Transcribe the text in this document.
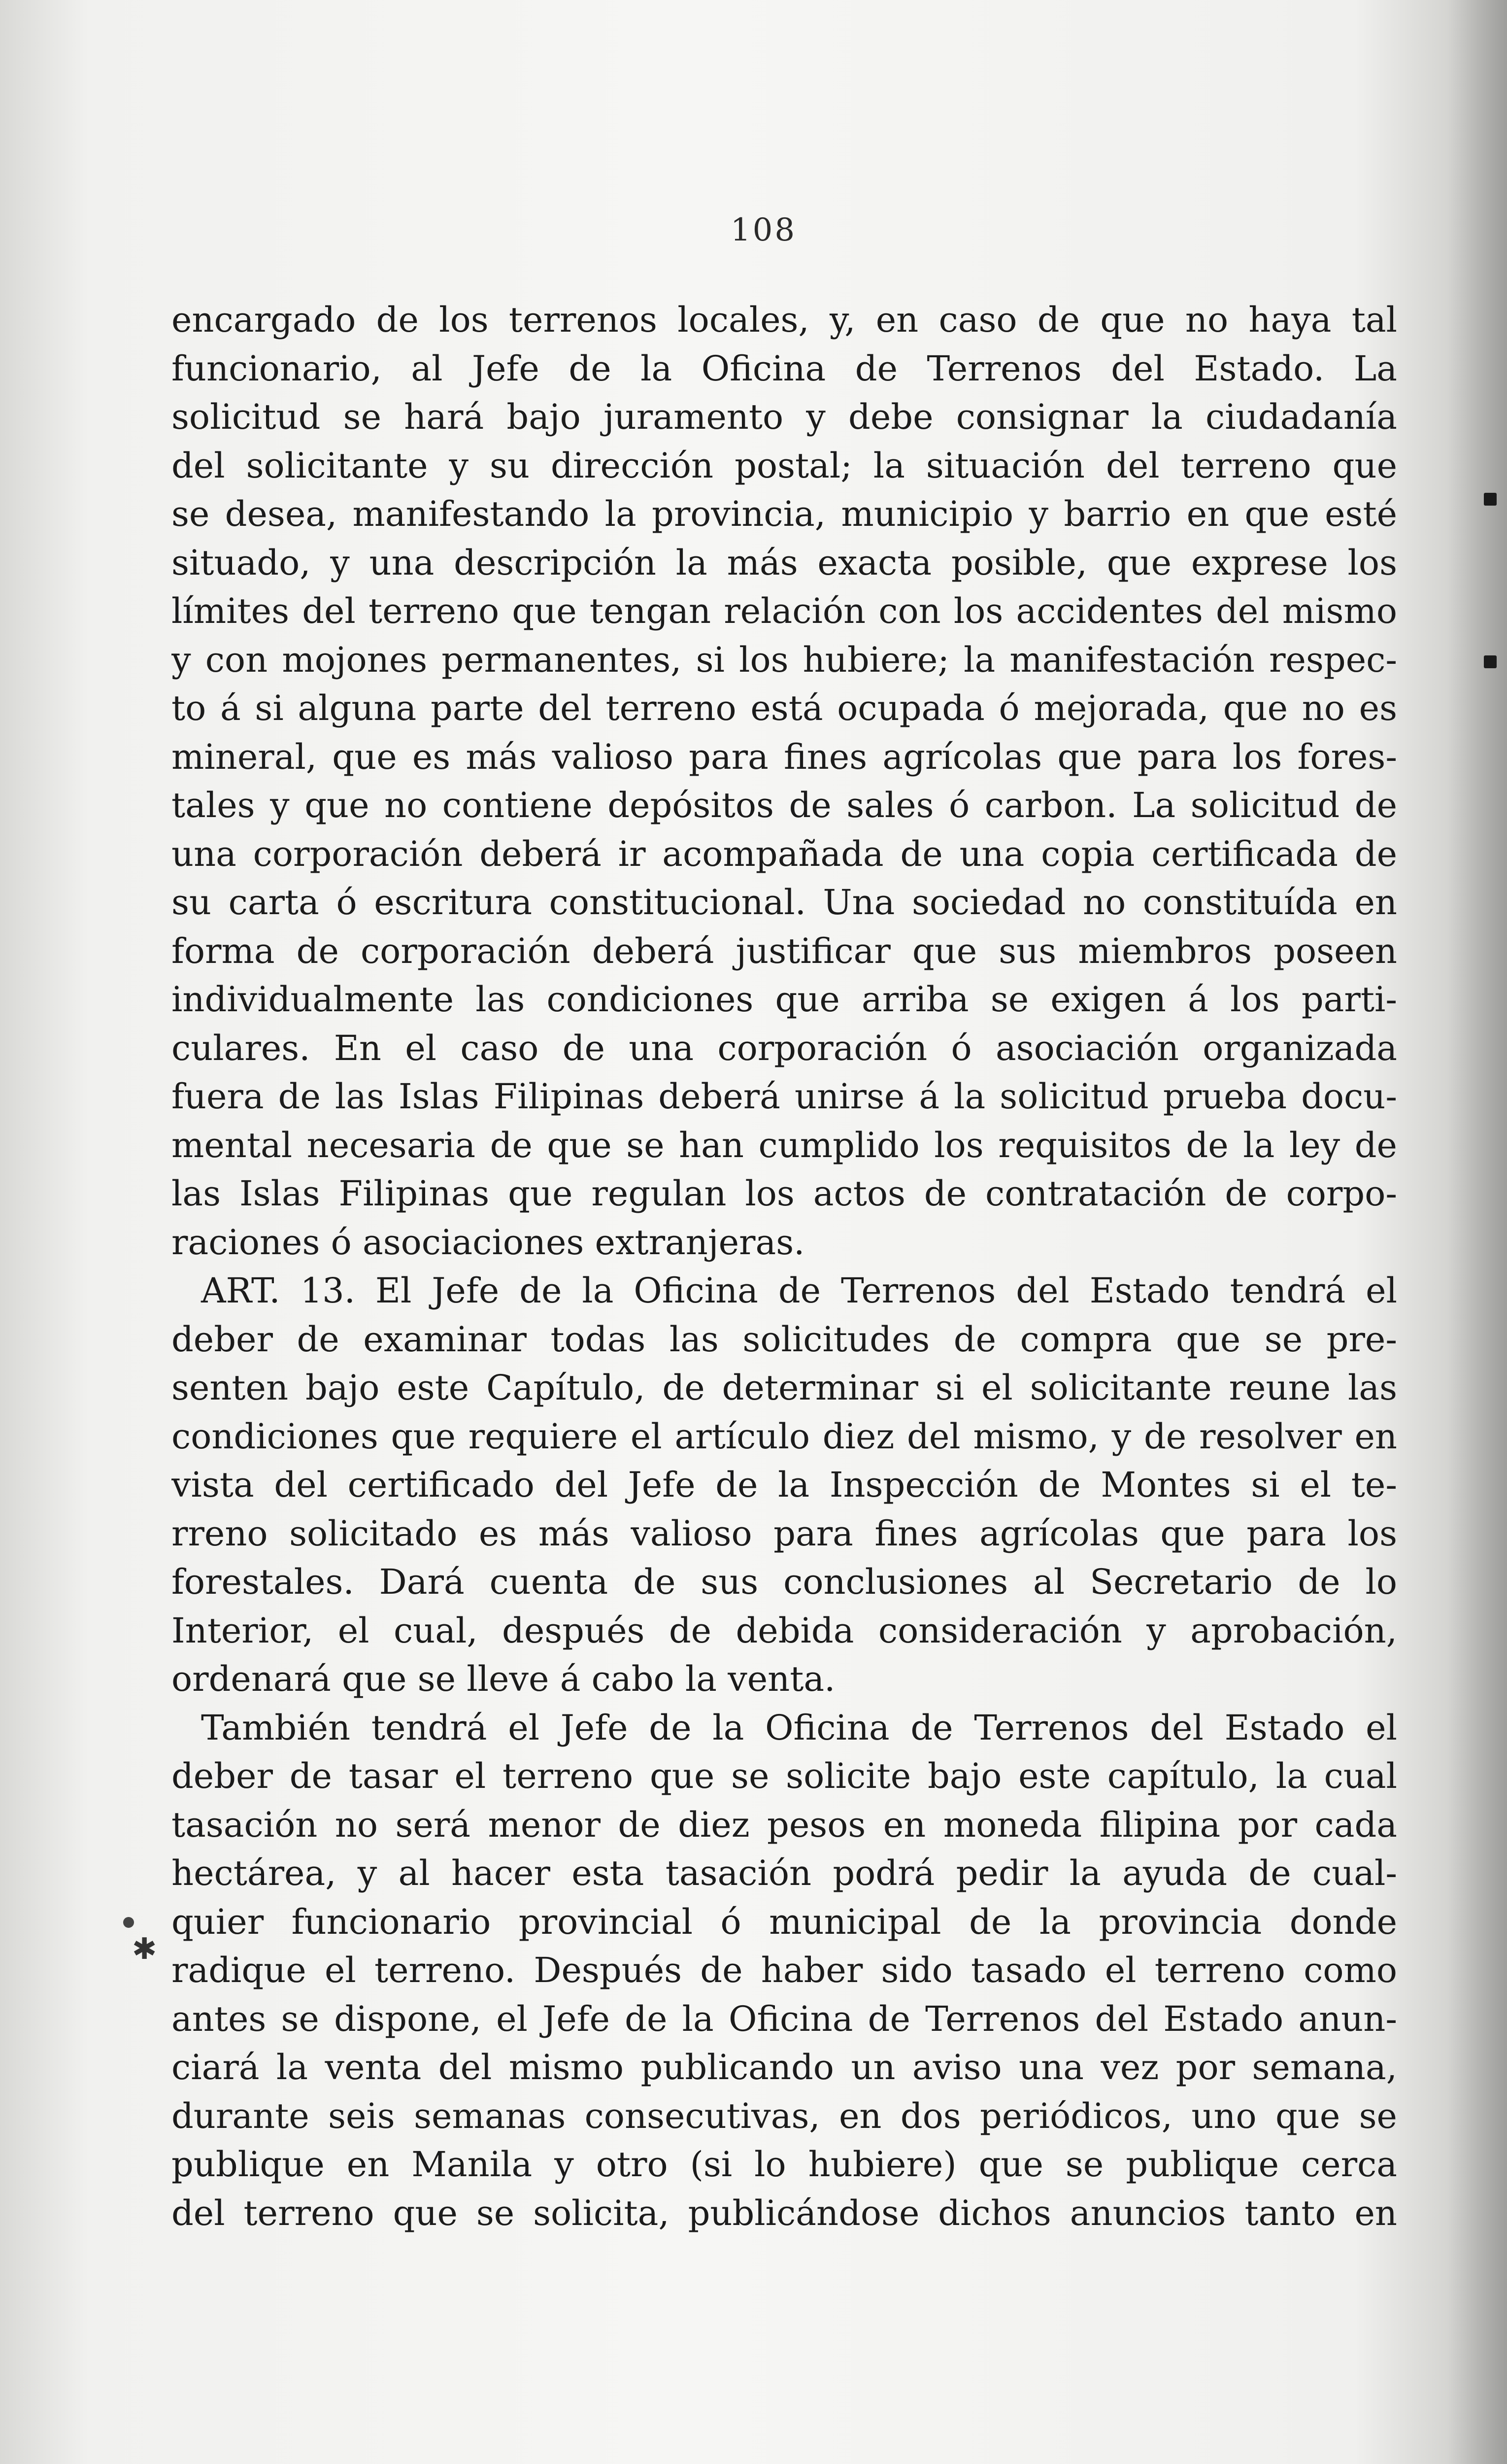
✱
108
encargado de los terrenos locales, y, en caso de que no haya tal
funcionario, al Jefe de la Oficina de Terrenos del Estado. La
solicitud se hará bajo juramento y debe consignar la ciudadanía
del solicitante y su dirección postal; la situación del terreno que
se desea, manifestando la provincia, municipio y barrio en que esté
situado, y una descripción la más exacta posible, que exprese los
límites del terreno que tengan relación con los accidentes del mismo
y con mojones permanentes, si los hubiere; la manifestación respec-
to á si alguna parte del terreno está ocupada ó mejorada, que no es
mineral, que es más valioso para fines agrícolas que para los fores-
tales y que no contiene depósitos de sales ó carbon. La solicitud de
una corporación deberá ir acompañada de una copia certificada de
su carta ó escritura constitucional. Una sociedad no constituída en
forma de corporación deberá justificar que sus miembros poseen
individualmente las condiciones que arriba se exigen á los parti-
culares. En el caso de una corporación ó asociación organizada
fuera de las Islas Filipinas deberá unirse á la solicitud prueba docu-
mental necesaria de que se han cumplido los requisitos de la ley de
las Islas Filipinas que regulan los actos de contratación de corpo-
raciones ó asociaciones extranjeras.
ART. 13. El Jefe de la Oficina de Terrenos del Estado tendrá el
deber de examinar todas las solicitudes de compra que se pre-
senten bajo este Capítulo, de determinar si el solicitante reune las
condiciones que requiere el artículo diez del mismo, y de resolver en
vista del certificado del Jefe de la Inspección de Montes si el te-
rreno solicitado es más valioso para fines agrícolas que para los
forestales. Dará cuenta de sus conclusiones al Secretario de lo
Interior, el cual, después de debida consideración y aprobación,
ordenará que se lleve á cabo la venta.
También tendrá el Jefe de la Oficina de Terrenos del Estado el
deber de tasar el terreno que se solicite bajo este capítulo, la cual
tasación no será menor de diez pesos en moneda filipina por cada
hectárea, y al hacer esta tasación podrá pedir la ayuda de cual-
quier funcionario provincial ó municipal de la provincia donde
radique el terreno. Después de haber sido tasado el terreno como
antes se dispone, el Jefe de la Oficina de Terrenos del Estado anun-
ciará la venta del mismo publicando un aviso una vez por semana,
durante seis semanas consecutivas, en dos periódicos, uno que se
publique en Manila y otro (si lo hubiere) que se publique cerca
del terreno que se solicita, publicándose dichos anuncios tanto en
